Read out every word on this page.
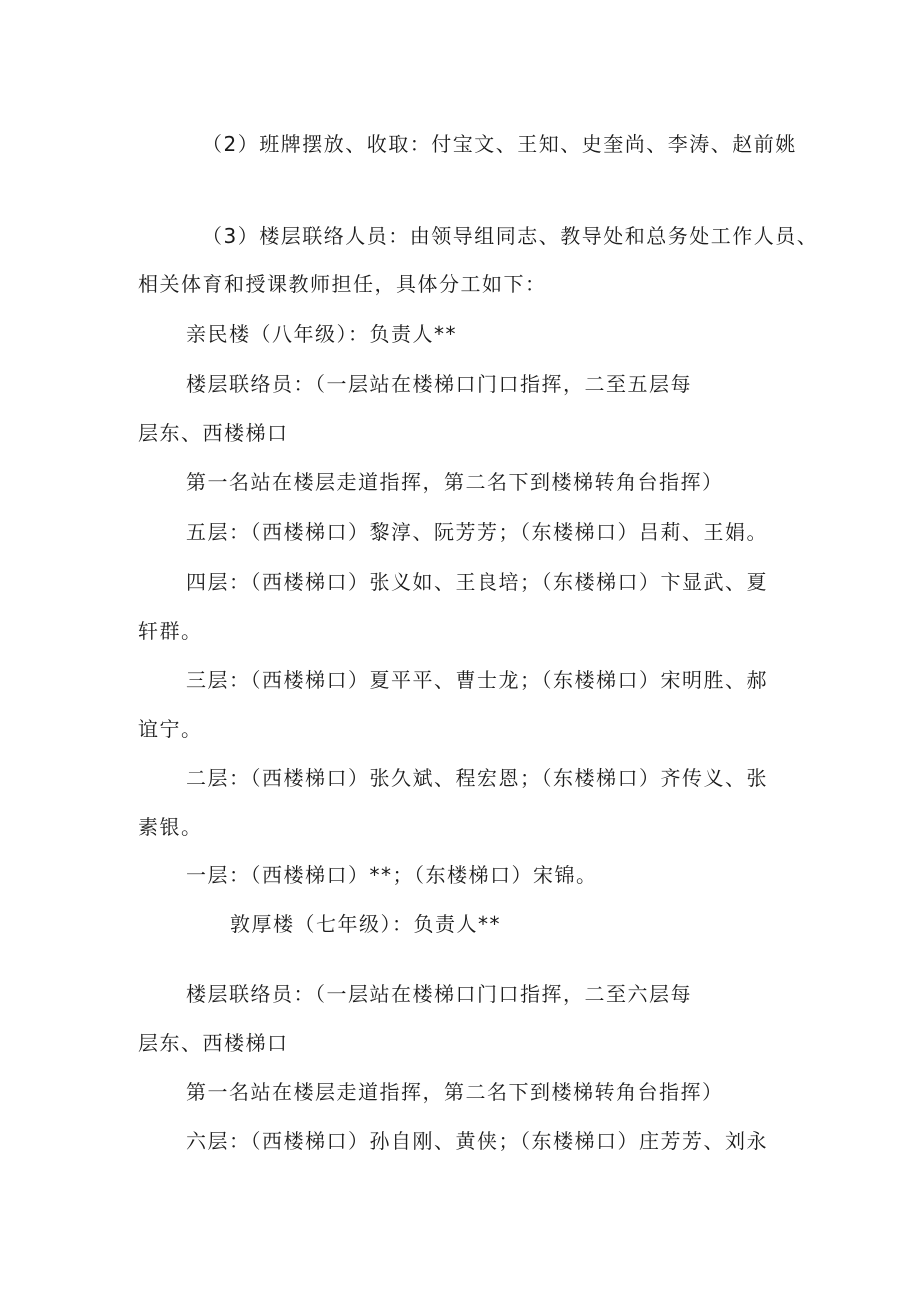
（2）班牌摆放、收取：付宝文、王知、史奎尚、李涛、赵前姚
（3）楼层联络人员：由领导组同志、教导处和总务处工作人员、
相关体育和授课教师担任，具体分工如下：
亲民楼（八年级）：负责人**
楼层联络员：（一层站在楼梯口门口指挥，二至五层每
层东、西楼梯口
第一名站在楼层走道指挥，第二名下到楼梯转角台指挥）
五层：（西楼梯口）黎淳、阮芳芳；（东楼梯口）吕莉、王娟。
四层：（西楼梯口）张义如、王良培；（东楼梯口）卞显武、夏
轩群。
三层：（西楼梯口）夏平平、曹士龙；（东楼梯口）宋明胜、郝
谊宁。
二层：（西楼梯口）张久斌、程宏恩；（东楼梯口）齐传义、张
素银。
一层：（西楼梯口）**；（东楼梯口）宋锦。
敦厚楼（七年级）：负责人**
楼层联络员：（一层站在楼梯口门口指挥，二至六层每
层东、西楼梯口
第一名站在楼层走道指挥，第二名下到楼梯转角台指挥）
六层：（西楼梯口）孙自刚、黄侠；（东楼梯口）庄芳芳、刘永
